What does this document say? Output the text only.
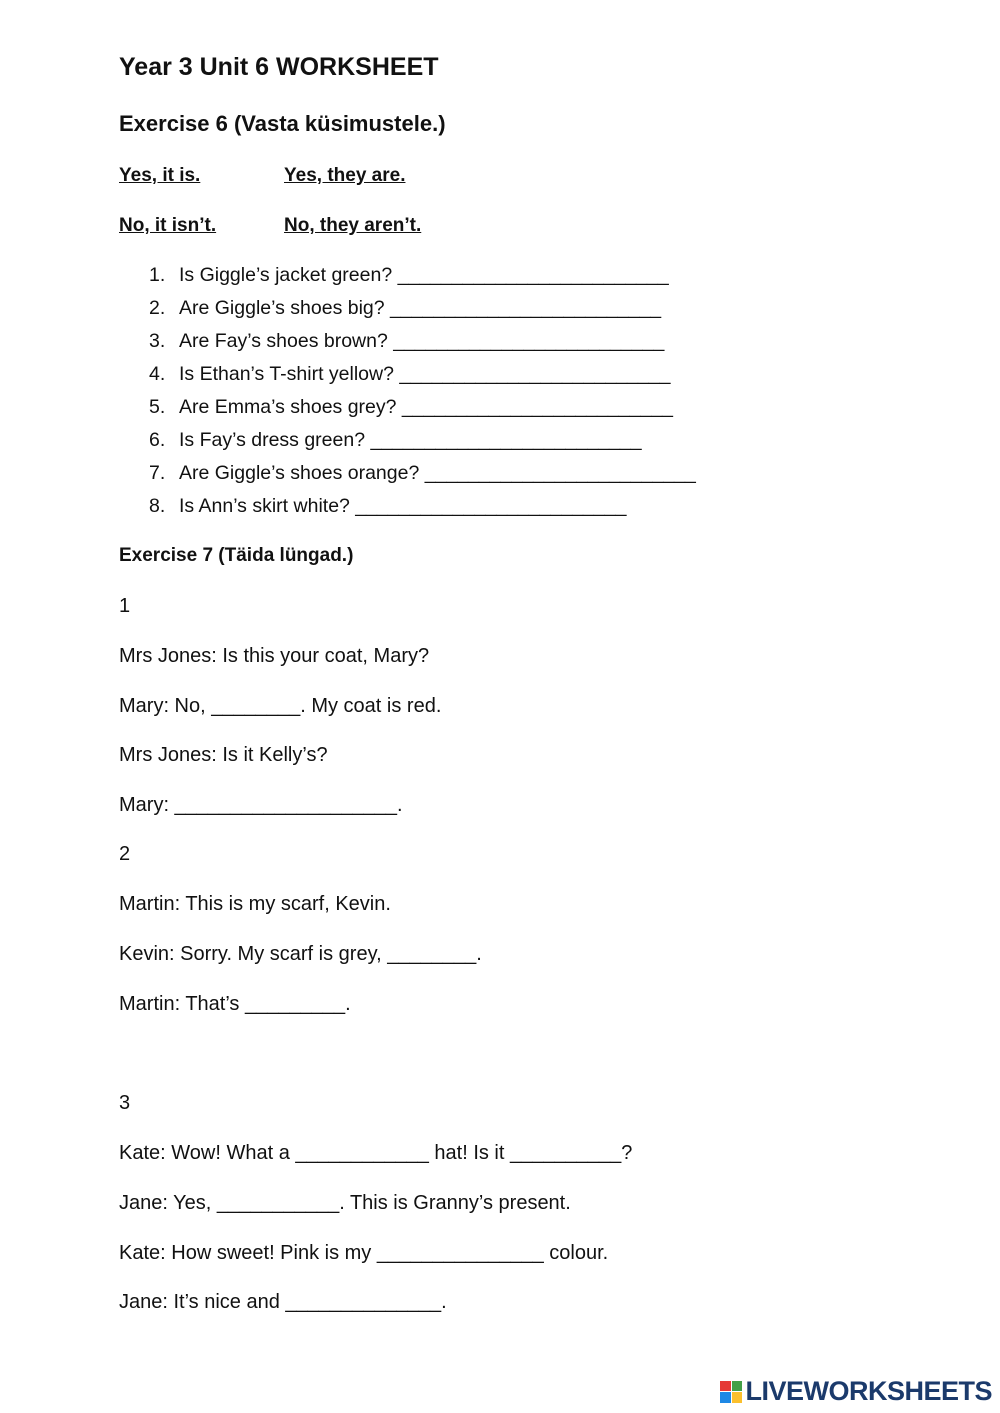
Year 3 Unit 6 WORKSHEET
Exercise 6 (Vasta küsimustele.)
Yes, it is.	Yes, they are.
No, it isn’t.	No, they aren’t.
1. Is Giggle’s jacket green? _________________________
2. Are Giggle’s shoes big? _________________________
3. Are Fay’s shoes brown? _________________________
4. Is Ethan’s T-shirt yellow? _________________________
5. Are Emma’s shoes grey? _________________________
6. Is Fay’s dress green? _________________________
7. Are Giggle’s shoes orange? _________________________
8. Is Ann’s skirt white? _________________________
Exercise 7 (Täida lüngad.)
1
Mrs Jones: Is this your coat, Mary?
Mary: No, ________. My coat is red.
Mrs Jones: Is it Kelly’s?
Mary: ____________________.
2
Martin: This is my scarf, Kevin.
Kevin: Sorry. My scarf is grey, ________.
Martin: That’s _________.
3
Kate: Wow! What a ____________ hat! Is it __________?
Jane: Yes, ___________. This is Granny’s present.
Kate: How sweet! Pink is my _______________ colour.
Jane: It’s nice and ______________.
LIVEWORKSHEETS
